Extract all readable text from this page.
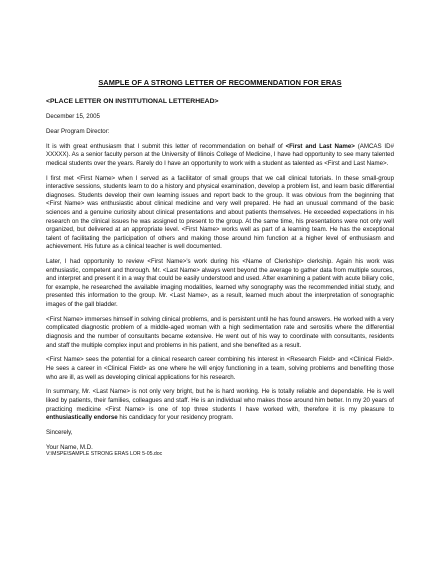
SAMPLE OF A STRONG LETTER OF RECOMMENDATION FOR ERAS
<PLACE LETTER ON INSTITUTIONAL LETTERHEAD>

December 15, 2005

Dear Program Director:

It is with great enthusiasm that I submit this letter of recommendation on behalf of <First and Last Name> (AMCAS ID# XXXXX). As a senior faculty person at the University of Illinois College of Medicine, I have had opportunity to see many talented medical students over the years. Rarely do I have an opportunity to work with a student as talented as <First and Last Name>.

I first met <First Name> when I served as a facilitator of small groups that we call clinical tutorials. In these small-group interactive sessions, students learn to do a history and physical examination, develop a problem list, and learn basic differential diagnoses. Students develop their own learning issues and report back to the group. It was obvious from the beginning that <First Name> was enthusiastic about clinical medicine and very well prepared. He had an unusual command of the basic sciences and a genuine curiosity about clinical presentations and about patients themselves. He exceeded expectations in his research on the clinical issues he was assigned to present to the group. At the same time, his presentations were not only well organized, but delivered at an appropriate level. <First Name> works well as part of a learning team. He has the exceptional talent of facilitating the participation of others and making those around him function at a higher level of enthusiasm and achievement. His future as a clinical teacher is well documented.

Later, I had opportunity to review <First Name>'s work during his <Name of Clerkship> clerkship. Again his work was enthusiastic, competent and thorough. Mr. <Last Name> always went beyond the average to gather data from multiple sources, and interpret and present it in a way that could be easily understood and used. After examining a patient with acute biliary colic, for example, he researched the available imaging modalities, learned why sonography was the recommended initial study, and presented this information to the group. Mr. <Last Name>, as a result, learned much about the interpretation of sonographic images of the gall bladder.

<First Name> immerses himself in solving clinical problems, and is persistent until he has found answers. He worked with a very complicated diagnostic problem of a middle-aged woman with a high sedimentation rate and serositis where the differential diagnosis and the number of consultants became extensive. He went out of his way to coordinate with consultants, residents and staff the multiple complex input and problems in his patient, and she benefited as a result.

<First Name> sees the potential for a clinical research career combining his interest in <Research Field> and <Clinical Field>. He sees a career in <Clinical Field> as one where he will enjoy functioning in a team, solving problems and benefiting those who are ill, as well as developing clinical applications for his research.

In summary, Mr. <Last Name> is not only very bright, but he is hard working. He is totally reliable and dependable. He is well liked by patients, their families, colleagues and staff. He is an individual who makes those around him better. In my 20 years of practicing medicine <First Name> is one of top three students I have worked with, therefore it is my pleasure to enthusiastically endorse his candidacy for your residency program.

Sincerely,

Your Name, M.D.

V:\MSPE\SAMPLE STRONG ERAS LOR 5-05.doc
